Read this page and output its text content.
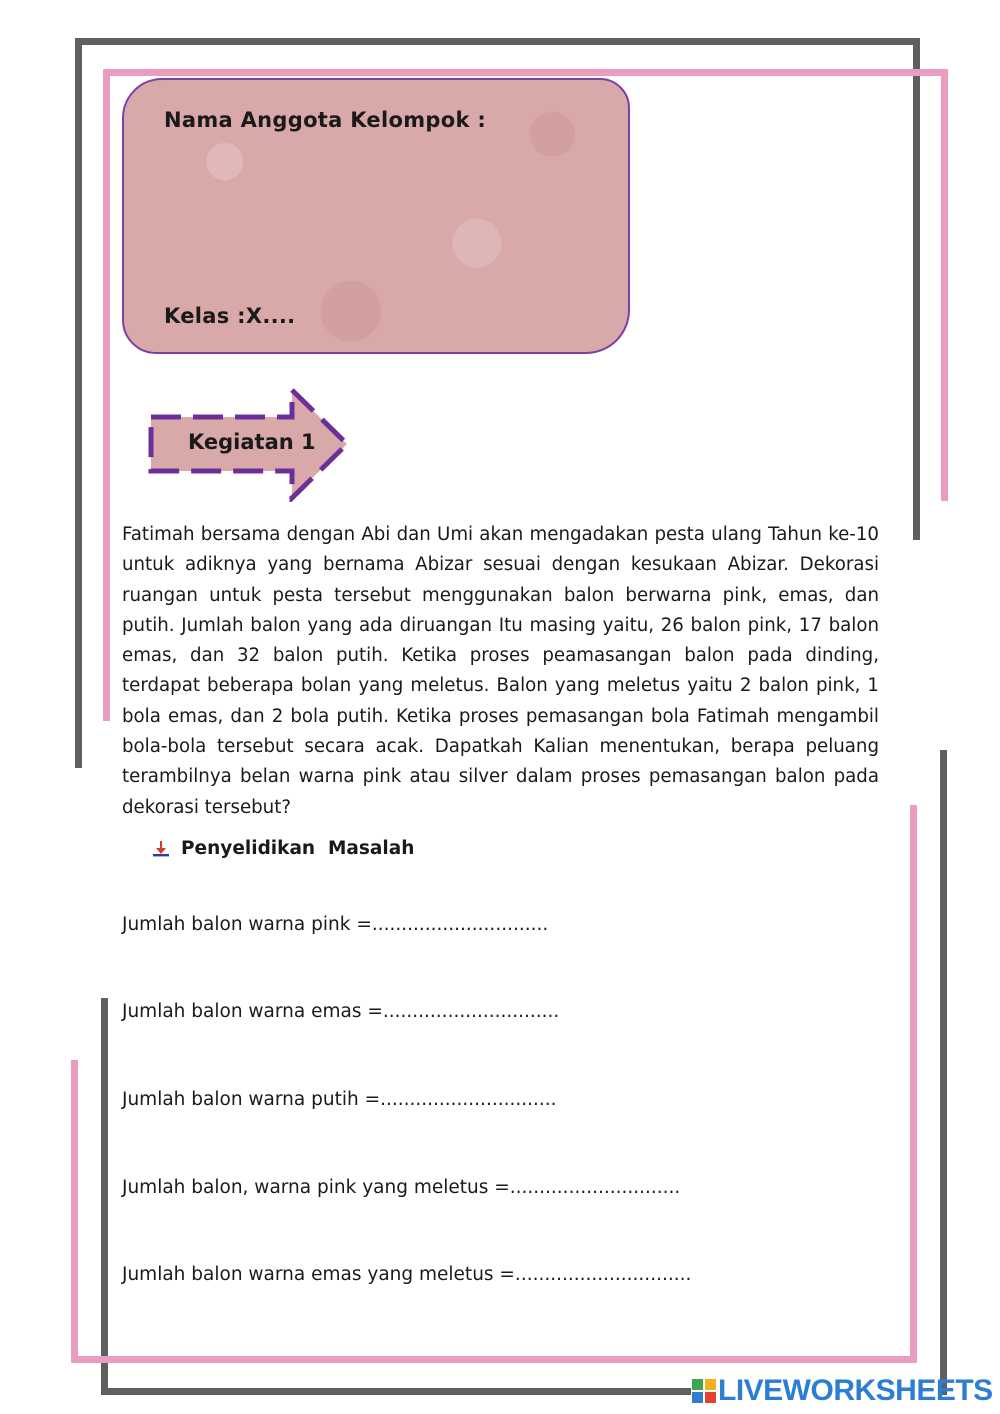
Nama Anggota Kelompok :
Kelas :X....
Kegiatan 1
Fatimah bersama dengan Abi dan Umi akan mengadakan pesta ulang Tahun ke-10 untuk adiknya yang bernama Abizar sesuai dengan kesukaan Abizar. Dekorasi ruangan untuk pesta tersebut menggunakan balon berwarna pink, emas, dan putih. Jumlah balon yang ada diruangan Itu masing yaitu, 26 balon pink, 17 balon emas, dan 32 balon putih. Ketika proses peamasangan balon pada dinding, terdapat beberapa bolan yang meletus. Balon yang meletus yaitu 2 balon pink, 1 bola emas, dan 2 bola putih. Ketika proses pemasangan bola Fatimah mengambil bola-bola tersebut secara acak. Dapatkah Kalian menentukan, berapa peluang terambilnya belan warna pink atau silver dalam proses pemasangan balon pada dekorasi tersebut?
Penyelidikan  Masalah
Jumlah balon warna pink =..............................
Jumlah balon warna emas =..............................
Jumlah balon warna putih =..............................
Jumlah balon, warna pink yang meletus =.............................
Jumlah balon warna emas yang meletus =..............................
LIVEWORKSHEETS
